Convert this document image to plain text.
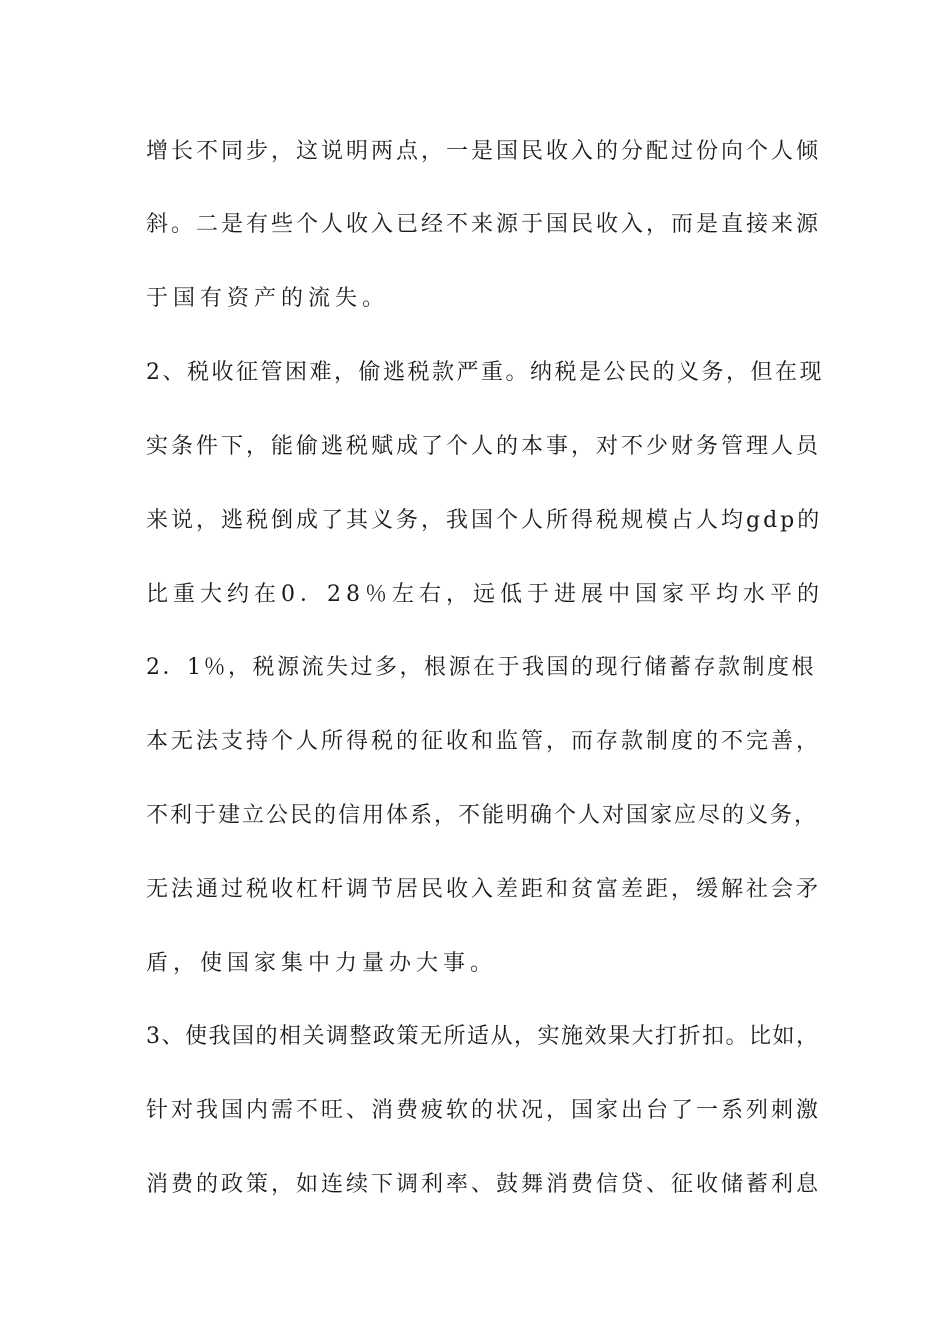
增长不同步，这说明两点，一是国民收入的分配过份向个人倾
斜。二是有些个人收入已经不来源于国民收入，而是直接来源
于国有资产的流失。
2、税收征管困难，偷逃税款严重。纳税是公民的义务，但在现
实条件下，能偷逃税赋成了个人的本事，对不少财务管理人员
来说，逃税倒成了其义务，我国个人所得税规模占人均gdp的
比重大约在0．28％左右，远低于进展中国家平均水平的
2．1％，税源流失过多，根源在于我国的现行储蓄存款制度根
本无法支持个人所得税的征收和监管，而存款制度的不完善，
不利于建立公民的信用体系，不能明确个人对国家应尽的义务，
无法通过税收杠杆调节居民收入差距和贫富差距，缓解社会矛
盾，使国家集中力量办大事。
3、使我国的相关调整政策无所适从，实施效果大打折扣。比如，
针对我国内需不旺、消费疲软的状况，国家出台了一系列刺激
消费的政策，如连续下调利率、鼓舞消费信贷、征收储蓄利息
